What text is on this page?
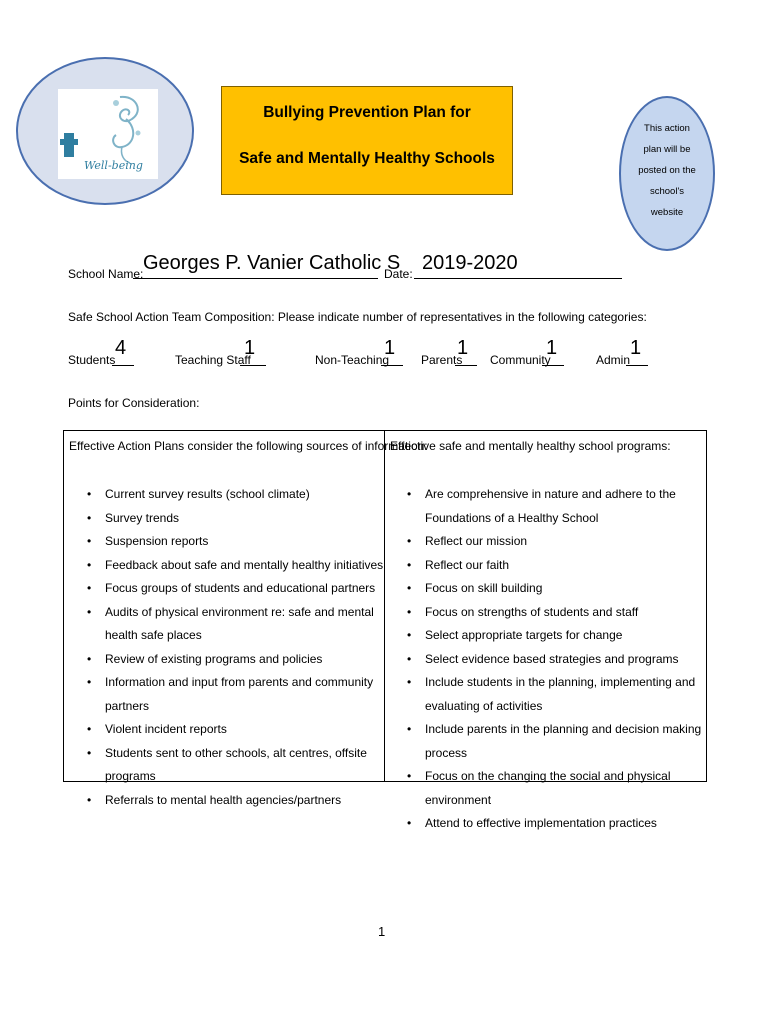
Well-being
Bullying Prevention Plan for
Safe and Mentally Healthy Schools
This action
plan will be
posted on the
school's
website
School Name: Georges P. Vanier Catholic S
Date: 2019-2020
Safe School Action Team Composition: Please indicate number of representatives in the following categories:
Students
4
Teaching Staff
1
Non-Teaching
1
Parents
1
Community
1
Admin
1
Points for Consideration:
Effective Action Plans consider the following sources of information:
Effective safe and mentally healthy school programs:
• Current survey results (school climate)
• Survey trends
• Suspension reports
• Feedback about safe and mentally healthy initiatives
• Focus groups of students and educational partners
• Audits of physical environment re: safe and mental health safe places
• Review of existing programs and policies
• Information and input from parents and community partners
• Violent incident reports
• Students sent to other schools, alt centres, offsite programs
• Referrals to mental health agencies/partners
• Are comprehensive in nature and adhere to the Foundations of a Healthy School
• Reflect our mission
• Reflect our faith
• Focus on skill building
• Focus on strengths of students and staff
• Select appropriate targets for change
• Select evidence based strategies and programs
• Include students in the planning, implementing and evaluating of activities
• Include parents in the planning and decision making process
• Focus on the changing the social and physical environment
• Attend to effective implementation practices
1
